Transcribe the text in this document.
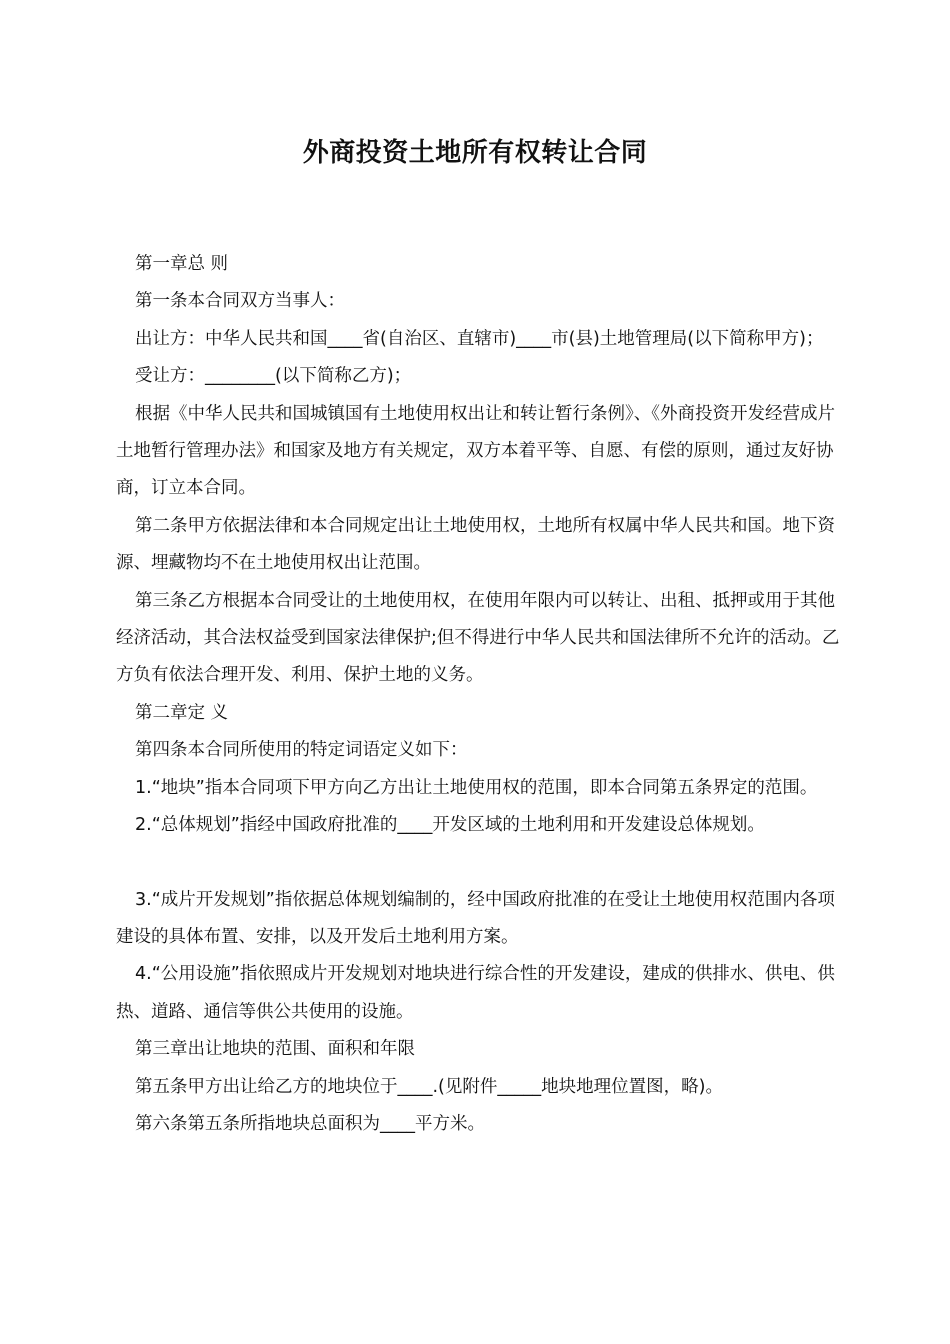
外商投资土地所有权转让合同

第一章总 则

第一条本合同双方当事人：

出让方：中华人民共和国____省(自治区、直辖市)____市(县)土地管理局(以下简称甲方)；

受让方：________(以下简称乙方)；

根据《中华人民共和国城镇国有土地使用权出让和转让暂行条例》、《外商投资开发经营成片土地暂行管理办法》和国家及地方有关规定，双方本着平等、自愿、有偿的原则，通过友好协商，订立本合同。

第二条甲方依据法律和本合同规定出让土地使用权，土地所有权属中华人民共和国。地下资源、埋藏物均不在土地使用权出让范围。

第三条乙方根据本合同受让的土地使用权，在使用年限内可以转让、出租、抵押或用于其他经济活动，其合法权益受到国家法律保护;但不得进行中华人民共和国法律所不允许的活动。乙方负有依法合理开发、利用、保护土地的义务。

第二章定 义

第四条本合同所使用的特定词语定义如下：

1.“地块”指本合同项下甲方向乙方出让土地使用权的范围，即本合同第五条界定的范围。

2.“总体规划”指经中国政府批准的____开发区域的土地利用和开发建设总体规划。

3.“成片开发规划”指依据总体规划编制的，经中国政府批准的在受让土地使用权范围内各项建设的具体布置、安排，以及开发后土地利用方案。

4.“公用设施”指依照成片开发规划对地块进行综合性的开发建设，建成的供排水、供电、供热、道路、通信等供公共使用的设施。

第三章出让地块的范围、面积和年限

第五条甲方出让给乙方的地块位于____.(见附件_____地块地理位置图，略)。

第六条第五条所指地块总面积为____平方米。
